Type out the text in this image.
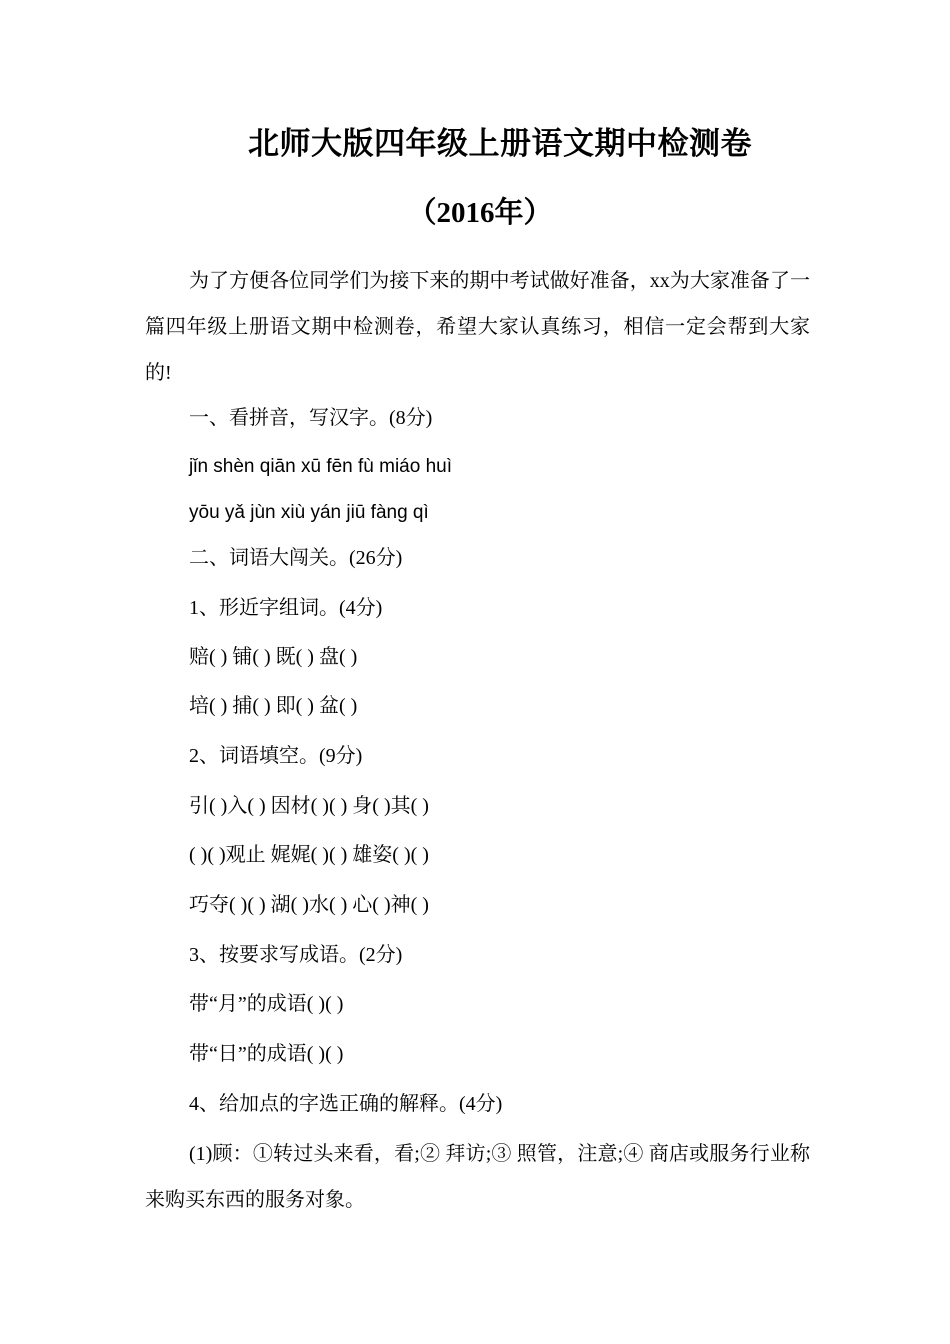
北师大版四年级上册语文期中检测卷
（2016年）
为了方便各位同学们为接下来的期中考试做好准备，xx为大家准备了一篇四年级上册语文期中检测卷，希望大家认真练习，相信一定会帮到大家的!
一、看拼音，写汉字。(8分)
jǐn shèn qiān xū fēn fù miáo huì
yōu yǎ jùn xiù yán jiū fàng qì
二、词语大闯关。(26分)
1、形近字组词。(4分)
赔( ) 铺( ) 既( ) 盘( )
培( ) 捕( ) 即( ) 盆( )
2、词语填空。(9分)
引( )入( ) 因材( )( ) 身( )其( )
( )( )观止 娓娓( )( ) 雄姿( )( )
巧夺( )( ) 湖( )水( ) 心( )神( )
3、按要求写成语。(2分)
带“月”的成语( )( )
带“日”的成语( )( )
4、给加点的字选正确的解释。(4分)
(1)顾：①转过头来看，看;② 拜访;③ 照管，注意;④ 商店或服务行业称来购买东西的服务对象。
